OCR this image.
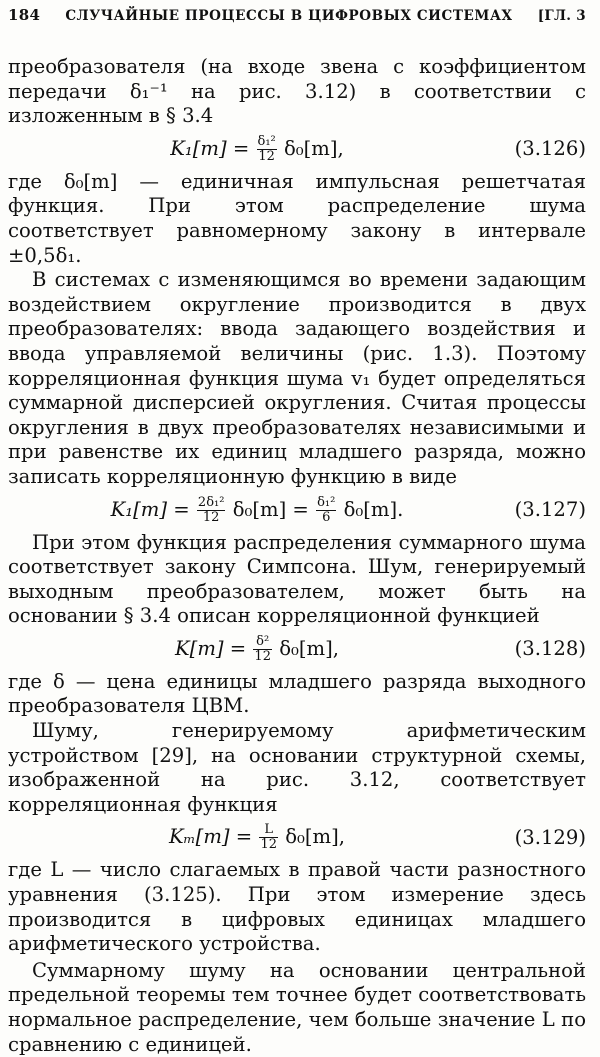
184 СЛУЧАЙНЫЕ ПРОЦЕССЫ В ЦИФРОВЫХ СИСТЕМАХ [ГЛ. 3

преобразователя (на входе звена с коэффициентом передачи δ₁⁻¹ на рис. 3.12) в соответствии с изложенным в § 3.4

$K_1[m] = \frac{\text{δ₁²}}{12} \delta_0[m]$,	(3.126)

где δ₀[m] — единичная импульсная решетчатая функция. При этом распределение шума соответствует равномерному закону в интервале ±0,5δ₁.

В системах с изменяющимся во времени задающим воздействием округление производится в двух преобразователях: ввода задающего воздействия и ввода управляемой величины (рис. 1.3). Поэтому корреляционная функция шума v₁ будет определяться суммарной дисперсией округления. Считая процессы округления в двух преобразователях независимыми и при равенстве их единиц младшего разряда, можно записать корреляционную функцию в виде

$K_1[m] = \frac{\text{2δ₁²}}{12} \delta_0[m] = \frac{\text{δ₁²}}{6} \delta_0[m]$.	(3.127)

При этом функция распределения суммарного шума соответствует закону Симпсона. Шум, генерируемый выходным преобразователем, может быть на основании § 3.4 описан корреляционной функцией

$K[m] = \frac{\text{δ²}}{12} \delta_0[m]$,	(3.128)

где δ — цена единицы младшего разряда выходного преобразователя ЦВМ.

Шуму, генерируемому арифметическим устройством [29], на основании структурной схемы, изображенной на рис. 3.12, соответствует корреляционная функция

$K_m[m] = \frac{L}{12} \delta_0[m]$,	(3.129)

где L — число слагаемых в правой части разностного уравнения (3.125). При этом измерение здесь производится в цифровых единицах младшего арифметического устройства.

Суммарному шуму на основании центральной предельной теоремы тем точнее будет соответствовать нормальное распределение, чем больше значение L по сравнению с единицей.
